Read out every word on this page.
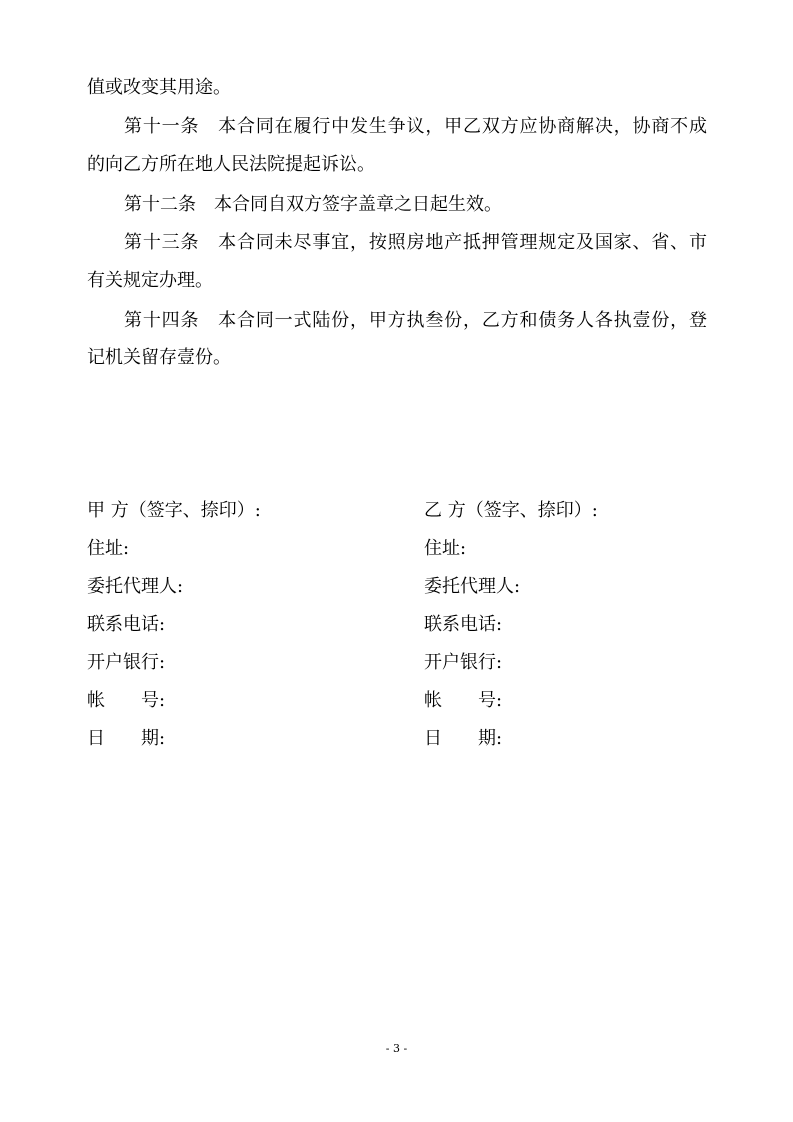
值或改变其用途。
第十一条　本合同在履行中发生争议，甲乙双方应协商解决，协商不成
的向乙方所在地人民法院提起诉讼。
第十二条　本合同自双方签字盖章之日起生效。
第十三条　本合同未尽事宜，按照房地产抵押管理规定及国家、省、市
有关规定办理。
第十四条　本合同一式陆份，甲方执叁份，乙方和债务人各执壹份，登
记机关留存壹份。
甲 方（签字、捺印）:
住址:
委托代理人:
联系电话:
开户银行:
帐　　号:
日　　期:
乙 方（签字、捺印）:
住址:
委托代理人:
联系电话:
开户银行:
帐　　号:
日　　期:
- 3 -
